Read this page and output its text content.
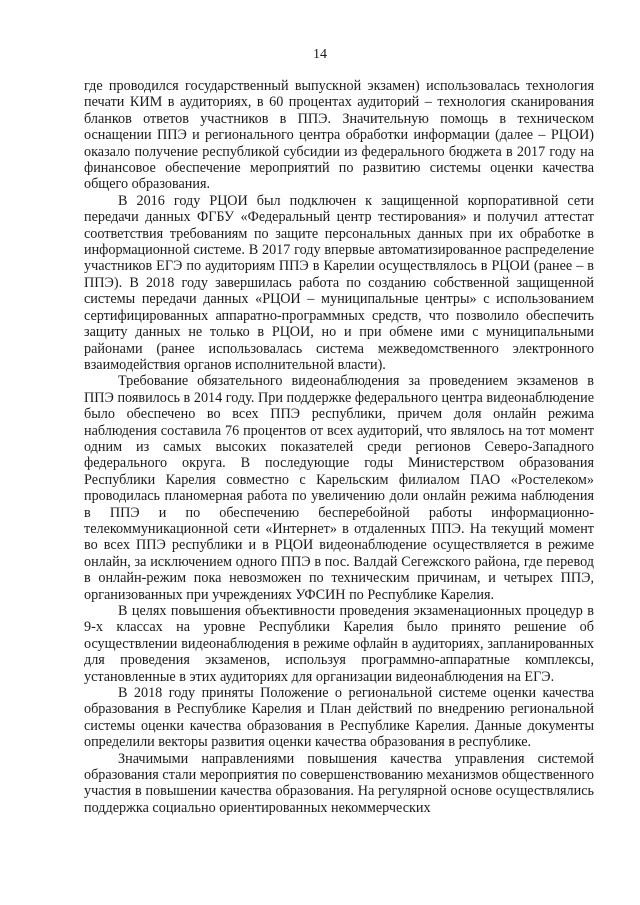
14

где проводился государственный выпускной экзамен) использовалась технология печати КИМ в аудиториях, в 60 процентах аудиторий – технология сканирования бланков ответов участников в ППЭ. Значительную помощь в техническом оснащении ППЭ и регионального центра обработки информации (далее – РЦОИ) оказало получение республикой субсидии из федерального бюджета в 2017 году на финансовое обеспечение мероприятий по развитию системы оценки качества общего образования.

В 2016 году РЦОИ был подключен к защищенной корпоративной сети передачи данных ФГБУ «Федеральный центр тестирования» и получил аттестат соответствия требованиям по защите персональных данных при их обработке в информационной системе. В 2017 году впервые автоматизированное распределение участников ЕГЭ по аудиториям ППЭ в Карелии осуществлялось в РЦОИ (ранее – в ППЭ). В 2018 году завершилась работа по созданию собственной защищенной системы передачи данных «РЦОИ – муниципальные центры» с использованием сертифицированных аппаратно-программных средств, что позволило обеспечить защиту данных не только в РЦОИ, но и при обмене ими с муниципальными районами (ранее использовалась система межведомственного электронного взаимодействия органов исполнительной власти).

Требование обязательного видеонаблюдения за проведением экзаменов в ППЭ появилось в 2014 году. При поддержке федерального центра видеонаблюдение было обеспечено во всех ППЭ республики, причем доля онлайн режима наблюдения составила 76 процентов от всех аудиторий, что являлось на тот момент одним из самых высоких показателей среди регионов Северо-Западного федерального округа. В последующие годы Министерством образования Республики Карелия совместно с Карельским филиалом ПАО «Ростелеком» проводилась планомерная работа по увеличению доли онлайн режима наблюдения в ППЭ и по обеспечению бесперебойной работы информационно-телекоммуникационной сети «Интернет» в отдаленных ППЭ. На текущий момент во всех ППЭ республики и в РЦОИ видеонаблюдение осуществляется в режиме онлайн, за исключением одного ППЭ в пос. Валдай Сегежского района, где перевод в онлайн-режим пока невозможен по техническим причинам, и четырех ППЭ, организованных при учреждениях УФСИН по Республике Карелия.

В целях повышения объективности проведения экзаменационных процедур в 9-х классах на уровне Республики Карелия было принято решение об осуществлении видеонаблюдения в режиме офлайн в аудиториях, запланированных для проведения экзаменов, используя программно-аппаратные комплексы, установленные в этих аудиториях для организации видеонаблюдения на ЕГЭ.

В 2018 году приняты Положение о региональной системе оценки качества образования в Республике Карелия и План действий по внедрению региональной системы оценки качества образования в Республике Карелия. Данные документы определили векторы развития оценки качества образования в республике.

Значимыми направлениями повышения качества управления системой образования стали мероприятия по совершенствованию механизмов общественного участия в повышении качества образования. На регулярной основе осуществлялись поддержка социально ориентированных некоммерческих
